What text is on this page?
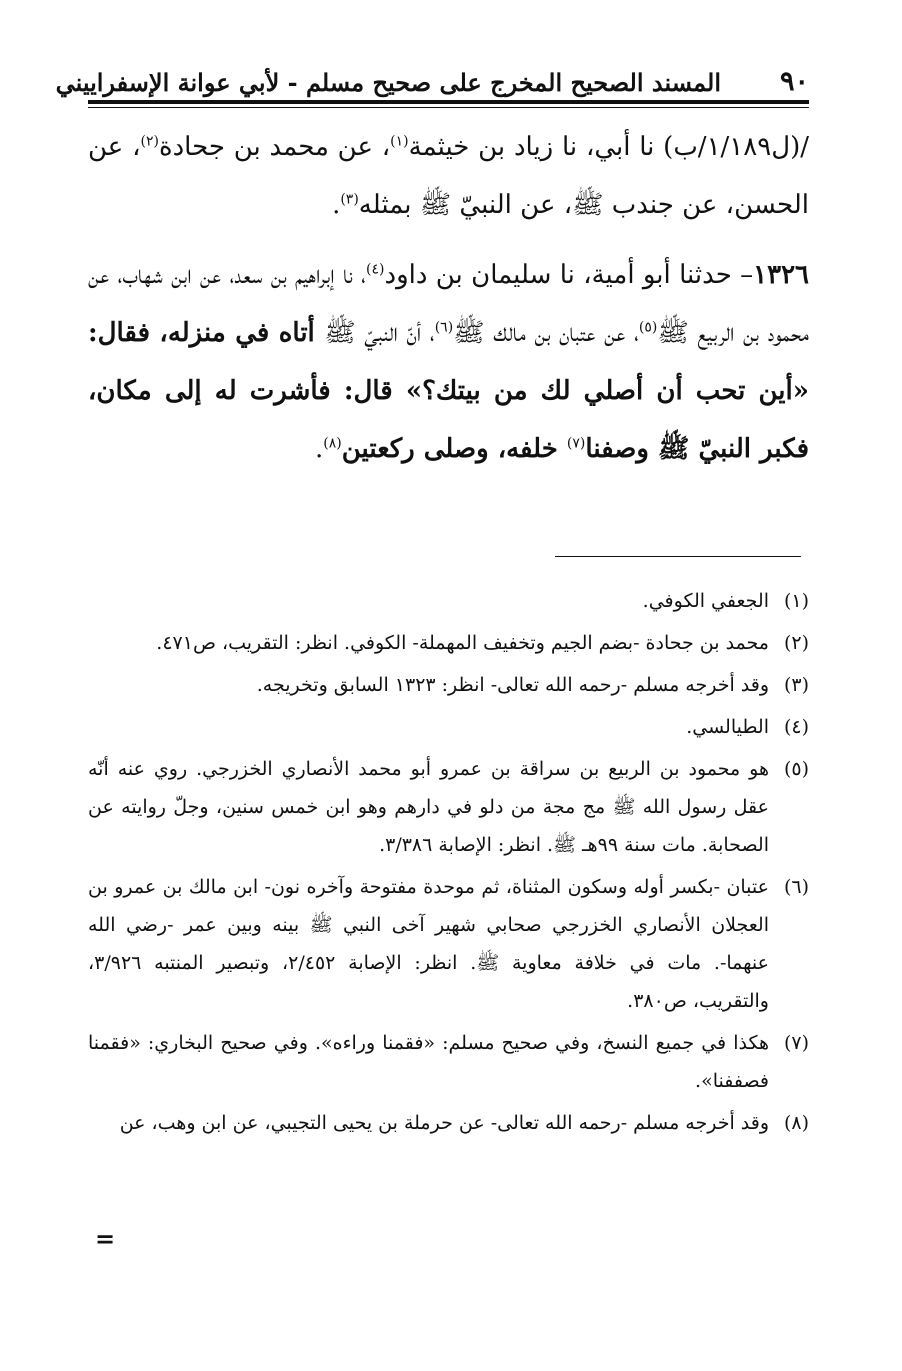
٩٠
المسند الصحيح المخرج على صحيح مسلم - لأبي عوانة الإسفراييني

/(ل١/١٨٩/ب) نا أبي، نا زياد بن خيثمة$^{(١)}$، عن محمد بن جحادة$^{(٢)}$، عن الحسن، عن جندب ﷺ، عن النبيّ ﷺ بمثله$^{(٣)}$.

١٣٢٦– حدثنا أبو أمية، نا سليمان بن داود$^{(٤)}$، نا إبراهيم بن سعد، عن ابن شهاب، عن محمود بن الربيع ﷺ$^{(٥)}$، عن عتبان بن مالك ﷺ$^{(٦)}$، أنّ النبيّ ﷺ أتاه في منزله، فقال: «أين تحب أن أصلي لك من بيتك؟» قال: فأشرت له إلى مكان، فكبر النبيّ ﷺ وصفنا$^{(٧)}$ خلفه، وصلى ركعتين$^{(٨)}$.

(١)
الجعفي الكوفي.

(٢)
محمد بن جحادة -بضم الجيم وتخفيف المهملة- الكوفي. انظر: التقريب، ص٤٧١.

(٣)
وقد أخرجه مسلم -رحمه الله تعالى- انظر: ١٣٢٣ السابق وتخريجه.

(٤)
الطيالسي.

(٥)
هو محمود بن الربيع بن سراقة بن عمرو أبو محمد الأنصاري الخزرجي. روي عنه أنّه عقل رسول الله ﷺ مج مجة من دلو في دارهم وهو ابن خمس سنين، وجلّ روايته عن الصحابة. مات سنة ٩٩هـ ﷺ. انظر: الإصابة ٣/٣٨٦.

(٦)
عتبان -بكسر أوله وسكون المثناة، ثم موحدة مفتوحة وآخره نون- ابن مالك بن عمرو بن العجلان الأنصاري الخزرجي صحابي شهير آخى النبي ﷺ بينه وبين عمر -رضي الله عنهما-. مات في خلافة معاوية ﷺ. انظر: الإصابة ٢/٤٥٢، وتبصير المنتبه ٣/٩٢٦، والتقريب، ص٣٨٠.

(٧)
هكذا في جميع النسخ، وفي صحيح مسلم: «فقمنا وراءه». وفي صحيح البخاري: «فقمنا فصففنا».

(٨)
وقد أخرجه مسلم -رحمه الله تعالى- عن حرملة بن يحيى التجيبي، عن ابن وهب، عن

=
